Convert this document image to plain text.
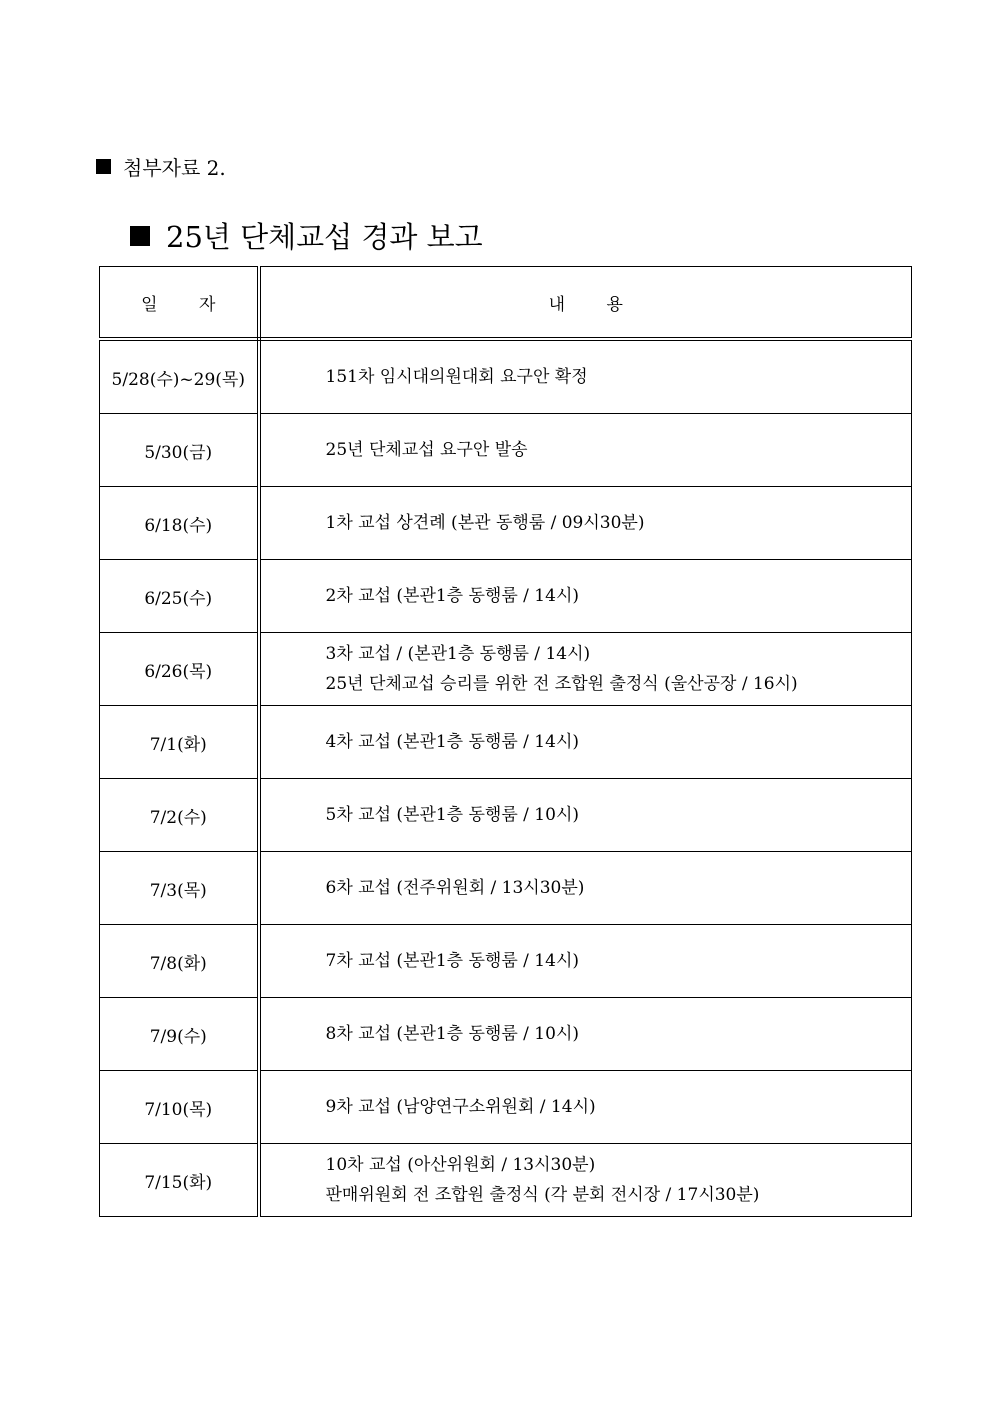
첨부자료 2.
25년 단체교섭 경과 보고
일 자	내 용
5/28(수)~29(목)	151차 임시대의원대회 요구안 확정

5/30(금)	25년 단체교섭 요구안 발송

6/18(수)	1차 교섭 상견례 (본관 동행룸 / 09시30분)

6/25(수)	2차 교섭 (본관1층 동행룸 / 14시)

6/26(목)	3차 교섭 / (본관1층 동행룸 / 14시)
25년 단체교섭 승리를 위한 전 조합원 출정식 (울산공장 / 16시)

7/1(화)	4차 교섭 (본관1층 동행룸 / 14시)

7/2(수)	5차 교섭 (본관1층 동행룸 / 10시)

7/3(목)	6차 교섭 (전주위원회 / 13시30분)

7/8(화)	7차 교섭 (본관1층 동행룸 / 14시)

7/9(수)	8차 교섭 (본관1층 동행룸 / 10시)

7/10(목)	9차 교섭 (남양연구소위원회 / 14시)

7/15(화)	10차 교섭 (아산위원회 / 13시30분)
판매위원회 전 조합원 출정식 (각 분회 전시장 / 17시30분)
